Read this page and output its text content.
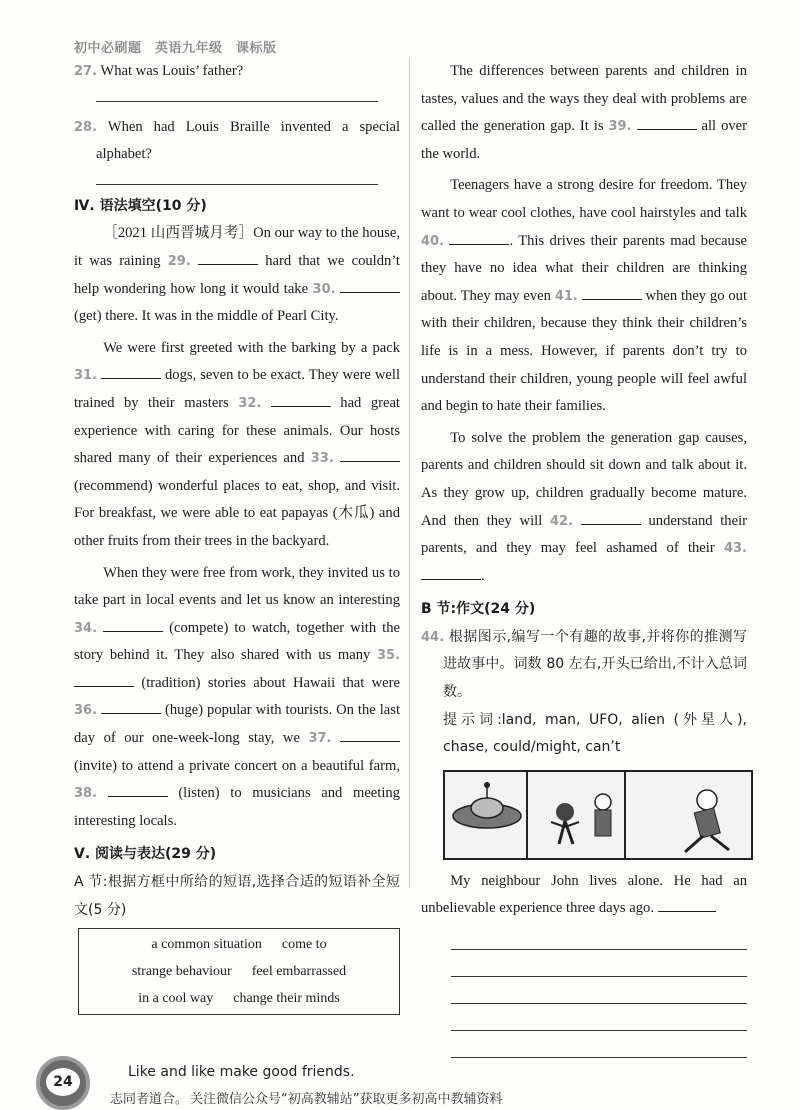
初中必刷题　英语九年级　课标版

27. What was Louis’ father?

28. When had Louis Braille invented a special alphabet?

Ⅳ. 语法填空(10 分)

［2021 山西晋城月考］On our way to the house, it was raining 29.	hard that we couldn’t help wondering how long it would take 30.  (get) there. It was in the middle of Pearl City.

We were first greeted with the barking by a pack 31.	dogs, seven to be exact. They were well trained by their masters 32.	had great experience with caring for these animals. Our hosts shared many of their experiences and 33.  (recommend) wonderful places to eat, shop, and visit. For breakfast, we were able to eat papayas (木瓜) and other fruits from their trees in the backyard.

When they were free from work, they invited us to take part in local events and let us know an interesting 34.	(compete) to watch, together with the story behind it. They also shared with us many 35.  (tradition) stories about Hawaii that were 36.	(huge) popular with tourists. On the last day of our one-week-long stay, we 37.  (invite) to attend a private concert on a beautiful farm, 38.	(listen) to musicians and meeting interesting locals.

Ⅴ. 阅读与表达(29 分)

A 节:根据方框中所给的短语,选择合适的短语补全短文(5 分)

a common situation come to
strange behaviour feel embarrassed
in a cool way change their minds

The differences between parents and children in tastes, values and the ways they deal with problems are called the generation gap. It is 39.	all over the world.

Teenagers have a strong desire for freedom. They want to wear cool clothes, have cool hairstyles and talk 40.	. This drives their parents mad because they have no idea what their children are thinking about. They may even 41.	when they go out with their children, because they think their children’s life is in a mess. However, if parents don’t try to understand their children, young people will feel awful and begin to hate their families.

To solve the problem the generation gap causes, parents and children should sit down and talk about it. As they grow up, children gradually become mature. And then they will 42.	understand their parents, and they may feel ashamed of their 43. .

B 节:作文(24 分)

44. 根据图示,编写一个有趣的故事,并将你的推测写进故事中。词数 80 左右,开头已给出,不计入总词数。

提示词:land, man, UFO, alien (外星人), chase, could/might, can’t

My neighbour John lives alone. He had an unbelievable experience three days ago.

24
Like and like make good friends.
志同者道合。 关注微信公众号“初高教辅站”获取更多初高中教辅资料
